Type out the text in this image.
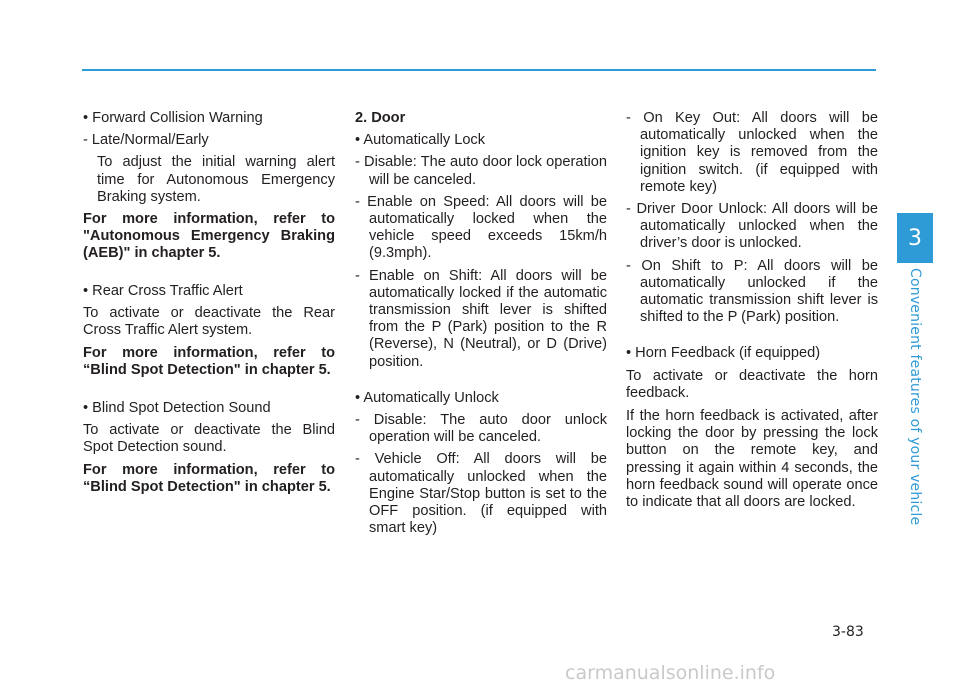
• Forward Collision Warning

- Late/Normal/Early

To adjust the initial warning alert time for Autonomous Emergency Braking system.

For more information, refer to "Autonomous Emergency Braking (AEB)" in chapter 5.

• Rear Cross Traffic Alert

To activate or deactivate the Rear Cross Traffic Alert system.

For more information, refer to “Blind Spot Detection" in chapter 5.

• Blind Spot Detection Sound

To activate or deactivate the Blind Spot Detection sound.

For more information, refer to “Blind Spot Detection" in chapter 5.

2. Door

• Automatically Lock

- Disable: The auto door lock operation will be canceled.

- Enable on Speed: All doors will be automatically locked when the vehicle speed exceeds 15km/h (9.3mph).

- Enable on Shift: All doors will be automatically locked if the automatic transmission shift lever is shifted from the P (Park) position to the R (Reverse), N (Neutral), or D (Drive) position.

• Automatically Unlock

- Disable: The auto door unlock operation will be canceled.

- Vehicle Off: All doors will be automatically unlocked when the Engine Star/Stop button is set to the OFF position. (if equipped with smart key)

- On Key Out: All doors will be automatically unlocked when the ignition key is removed from the ignition switch. (if equipped with remote key)

- Driver Door Unlock: All doors will be automatically unlocked when the driver’s door is unlocked.

- On Shift to P: All doors will be automatically unlocked if the automatic transmission shift lever is shifted to the P (Park) position.

• Horn Feedback (if equipped)

To activate or deactivate the horn feedback.

If the horn feedback is activated, after locking the door by pressing the lock button on the remote key, and pressing it again within 4 seconds, the horn feedback sound will operate once to indicate that all doors are locked.

3
Convenient features of your vehicle
3-83
carmanualsonline.info
